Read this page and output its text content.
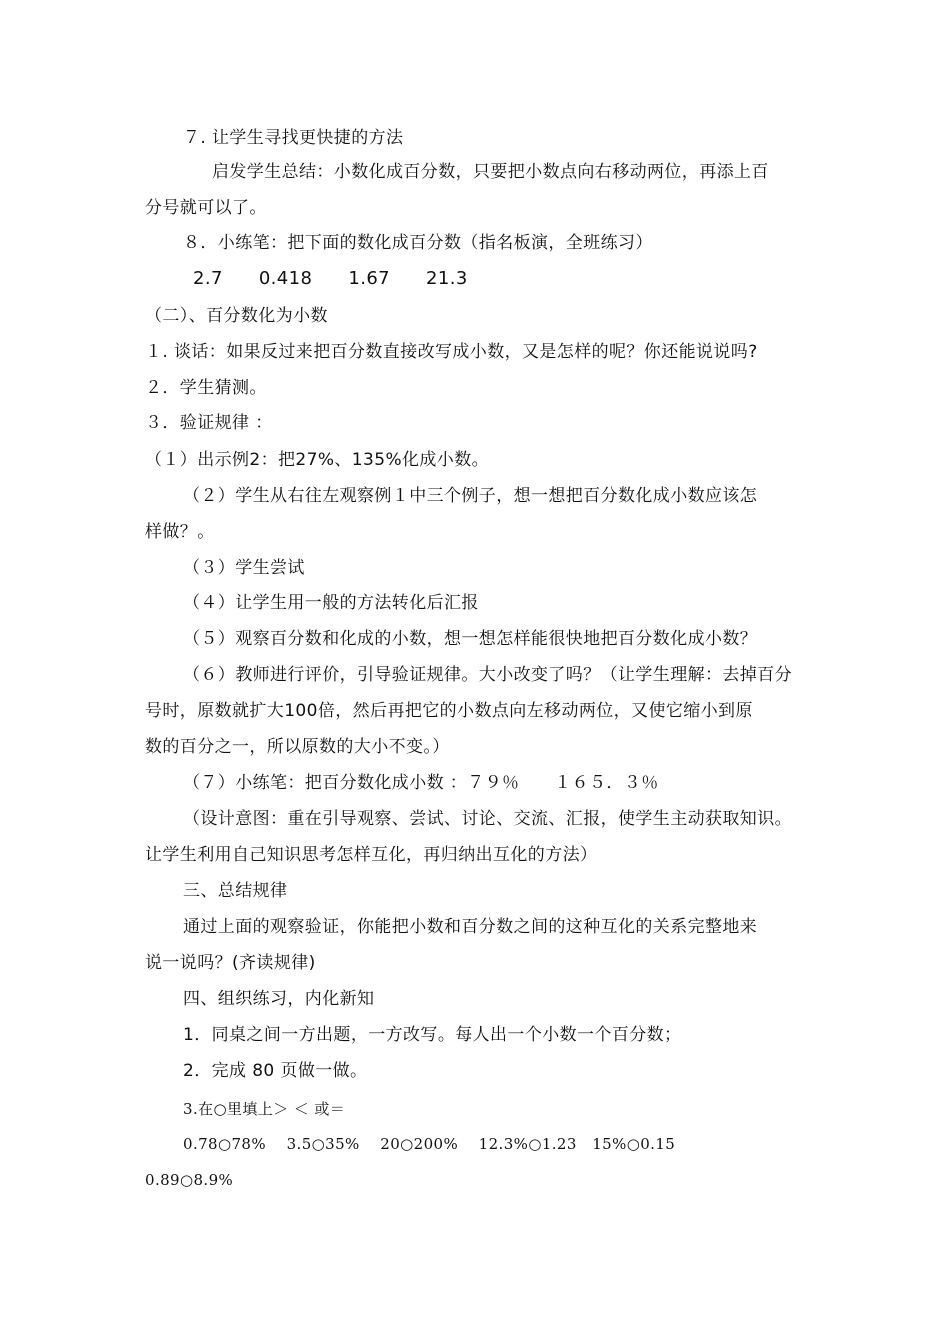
７. 让学生寻找更快捷的方法
启发学生总结：小数化成百分数，只要把小数点向右移动两位，再添上百
分号就可以了。
８．小练笔：把下面的数化成百分数（指名板演，全班练习）
2.7 0.418 1.67 21.3
（二）、百分数化为小数
１. 谈话：如果反过来把百分数直接改写成小数，又是怎样的呢？你还能说说吗?
２．学生猜测。
３．验证规律 ：
（１）出示例2：把27%、135%化成小数。
（２）学生从右往左观察例１中三个例子，想一想把百分数化成小数应该怎
样做？。
（３）学生尝试
（４）让学生用一般的方法转化后汇报
（５）观察百分数和化成的小数，想一想怎样能很快地把百分数化成小数？
（６）教师进行评价，引导验证规律。大小改变了吗？（让学生理解：去掉百分
号时，原数就扩大100倍，然后再把它的小数点向左移动两位，又使它缩小到原
数的百分之一，所以原数的大小不变。）
（７）小练笔：把百分数化成小数 ：７９％　　１６５．３％
（设计意图：重在引导观察、尝试、讨论、交流、汇报，使学生主动获取知识。
让学生利用自己知识思考怎样互化，再归纳出互化的方法）
三、总结规律
通过上面的观察验证，你能把小数和百分数之间的这种互化的关系完整地来
说一说吗？(齐读规律)
四、组织练习，内化新知
1．同桌之间一方出题，一方改写。每人出一个小数一个百分数；
2．完成 80 页做一做。
3.在○里填上＞ ＜ 或＝
0.78○78%　 3.5○35%　 20○200%　 12.3%○1.23　15%○0.15
0.89○8.9%
